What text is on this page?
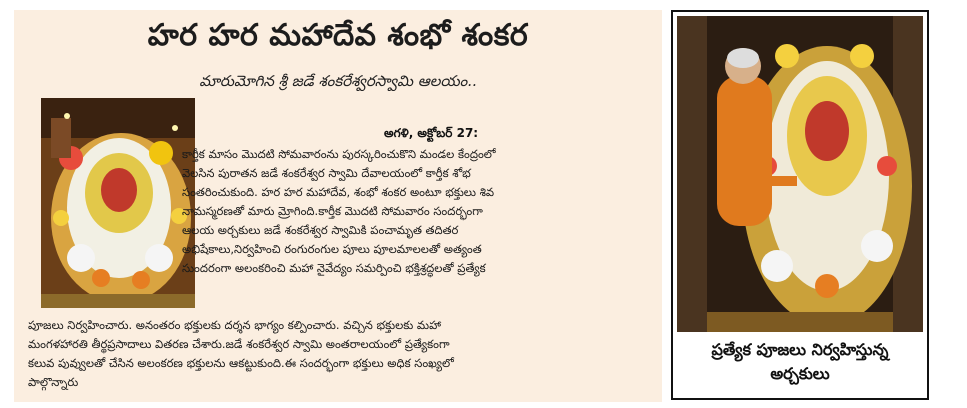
హర హర మహాదేవ శంభో శంకర
మారుమోగిన శ్రీ జడే శంకరేశ్వరస్వామి ఆలయం..
అగళి, అక్టోబర్ 27:
కార్తీక మాసం మొదటి సోమవారంను పురస్కరించుకొని మండల కేంద్రంలో
వెలసిన పురాతన జడే శంకరేశ్వర స్వామి దేవాలయంలో కార్తీక శోభ
సంతరించుకుంది. హర హర మహాదేవ, శంభో శంకర అంటూ భక్తులు శివ
నామస్మరణతో మారు మ్రోగింది.కార్తీక మొదటి సోమవారం సందర్భంగా
ఆలయ అర్చకులు జడే శంకరేశ్వర స్వామికి పంచామృత తదితర
అభిషేకాలు,నిర్వహించి రంగురంగుల పూలు పూలమాలలతో అత్యంత
సుందరంగా అలంకరించి మహా నైవేద్యం సమర్పించి భక్తిశ్రద్ధలతో ప్రత్యేక
పూజలు నిర్వహించారు. అనంతరం భక్తులకు దర్శన భాగ్యం కల్పించారు. వచ్చిన భక్తులకు మహా
మంగళహారతి తీర్థప్రసాదాలు వితరణ చేశారు.జడే శంకరేశ్వర స్వామి అంతరాలయంలో ప్రత్యేకంగా
కలువ పువ్వులతో చేసిన అలంకరణ భక్తులను ఆకట్టుకుంది.ఈ సందర్భంగా భక్తులు అధిక సంఖ్యలో
పాల్గొన్నారు
ప్రత్యేక పూజలు నిర్వహిస్తున్న
అర్చకులు
